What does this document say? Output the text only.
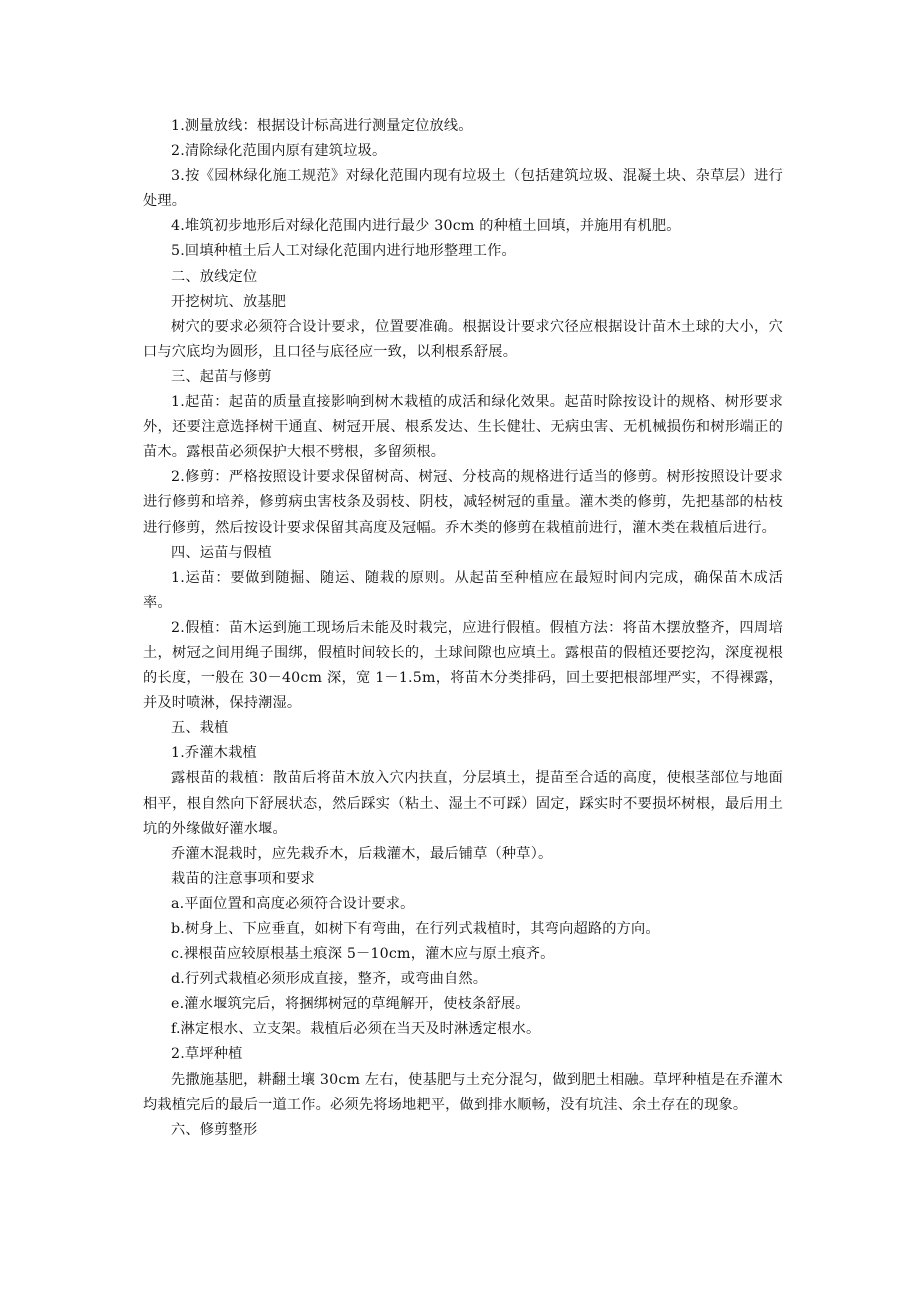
1.测量放线：根据设计标高进行测量定位放线。

2.清除绿化范围内原有建筑垃圾。

3.按《园林绿化施工规范》对绿化范围内现有垃圾土（包括建筑垃圾、混凝土块、杂草层）进行处理。

4.堆筑初步地形后对绿化范围内进行最少 30cm 的种植土回填，并施用有机肥。

5.回填种植土后人工对绿化范围内进行地形整理工作。

二、放线定位

开挖树坑、放基肥

树穴的要求必须符合设计要求，位置要准确。根据设计要求穴径应根据设计苗木土球的大小，穴口与穴底均为圆形，且口径与底径应一致，以利根系舒展。

三、起苗与修剪

1.起苗：起苗的质量直接影响到树木栽植的成活和绿化效果。起苗时除按设计的规格、树形要求外，还要注意选择树干通直、树冠开展、根系发达、生长健壮、无病虫害、无机械损伤和树形端正的苗木。露根苗必须保护大根不劈根，多留须根。

2.修剪：严格按照设计要求保留树高、树冠、分枝高的规格进行适当的修剪。树形按照设计要求进行修剪和培养，修剪病虫害枝条及弱枝、阴枝，减轻树冠的重量。灌木类的修剪，先把基部的枯枝进行修剪，然后按设计要求保留其高度及冠幅。乔木类的修剪在栽植前进行，灌木类在栽植后进行。

四、运苗与假植

1.运苗：要做到随掘、随运、随栽的原则。从起苗至种植应在最短时间内完成，确保苗木成活率。

2.假植：苗木运到施工现场后未能及时栽完，应进行假植。假植方法：将苗木摆放整齐，四周培土，树冠之间用绳子围绑，假植时间较长的，土球间隙也应填土。露根苗的假植还要挖沟，深度视根的长度，一般在 30－40cm 深，宽 1－1.5m，将苗木分类排码，回土要把根部埋严实，不得裸露，并及时喷淋，保持潮湿。

五、栽植

1.乔灌木栽植

露根苗的栽植：散苗后将苗木放入穴内扶直，分层填土，提苗至合适的高度，使根茎部位与地面相平，根自然向下舒展状态，然后踩实（粘土、湿土不可踩）固定，踩实时不要损坏树根，最后用土坑的外缘做好灌水堰。

乔灌木混栽时，应先栽乔木，后栽灌木，最后铺草（种草）。

栽苗的注意事项和要求

a.平面位置和高度必须符合设计要求。

b.树身上、下应垂直，如树下有弯曲，在行列式栽植时，其弯向超路的方向。

c.裸根苗应较原根基土痕深 5－10cm，灌木应与原土痕齐。

d.行列式栽植必须形成直接，整齐，或弯曲自然。

e.灌水堰筑完后，将捆绑树冠的草绳解开，使枝条舒展。

f.淋定根水、立支架。栽植后必须在当天及时淋透定根水。

2.草坪种植

先撒施基肥，耕翻土壤 30cm 左右，使基肥与土充分混匀，做到肥土相融。草坪种植是在乔灌木均栽植完后的最后一道工作。必须先将场地耙平，做到排水顺畅，没有坑洼、余土存在的现象。

六、修剪整形
